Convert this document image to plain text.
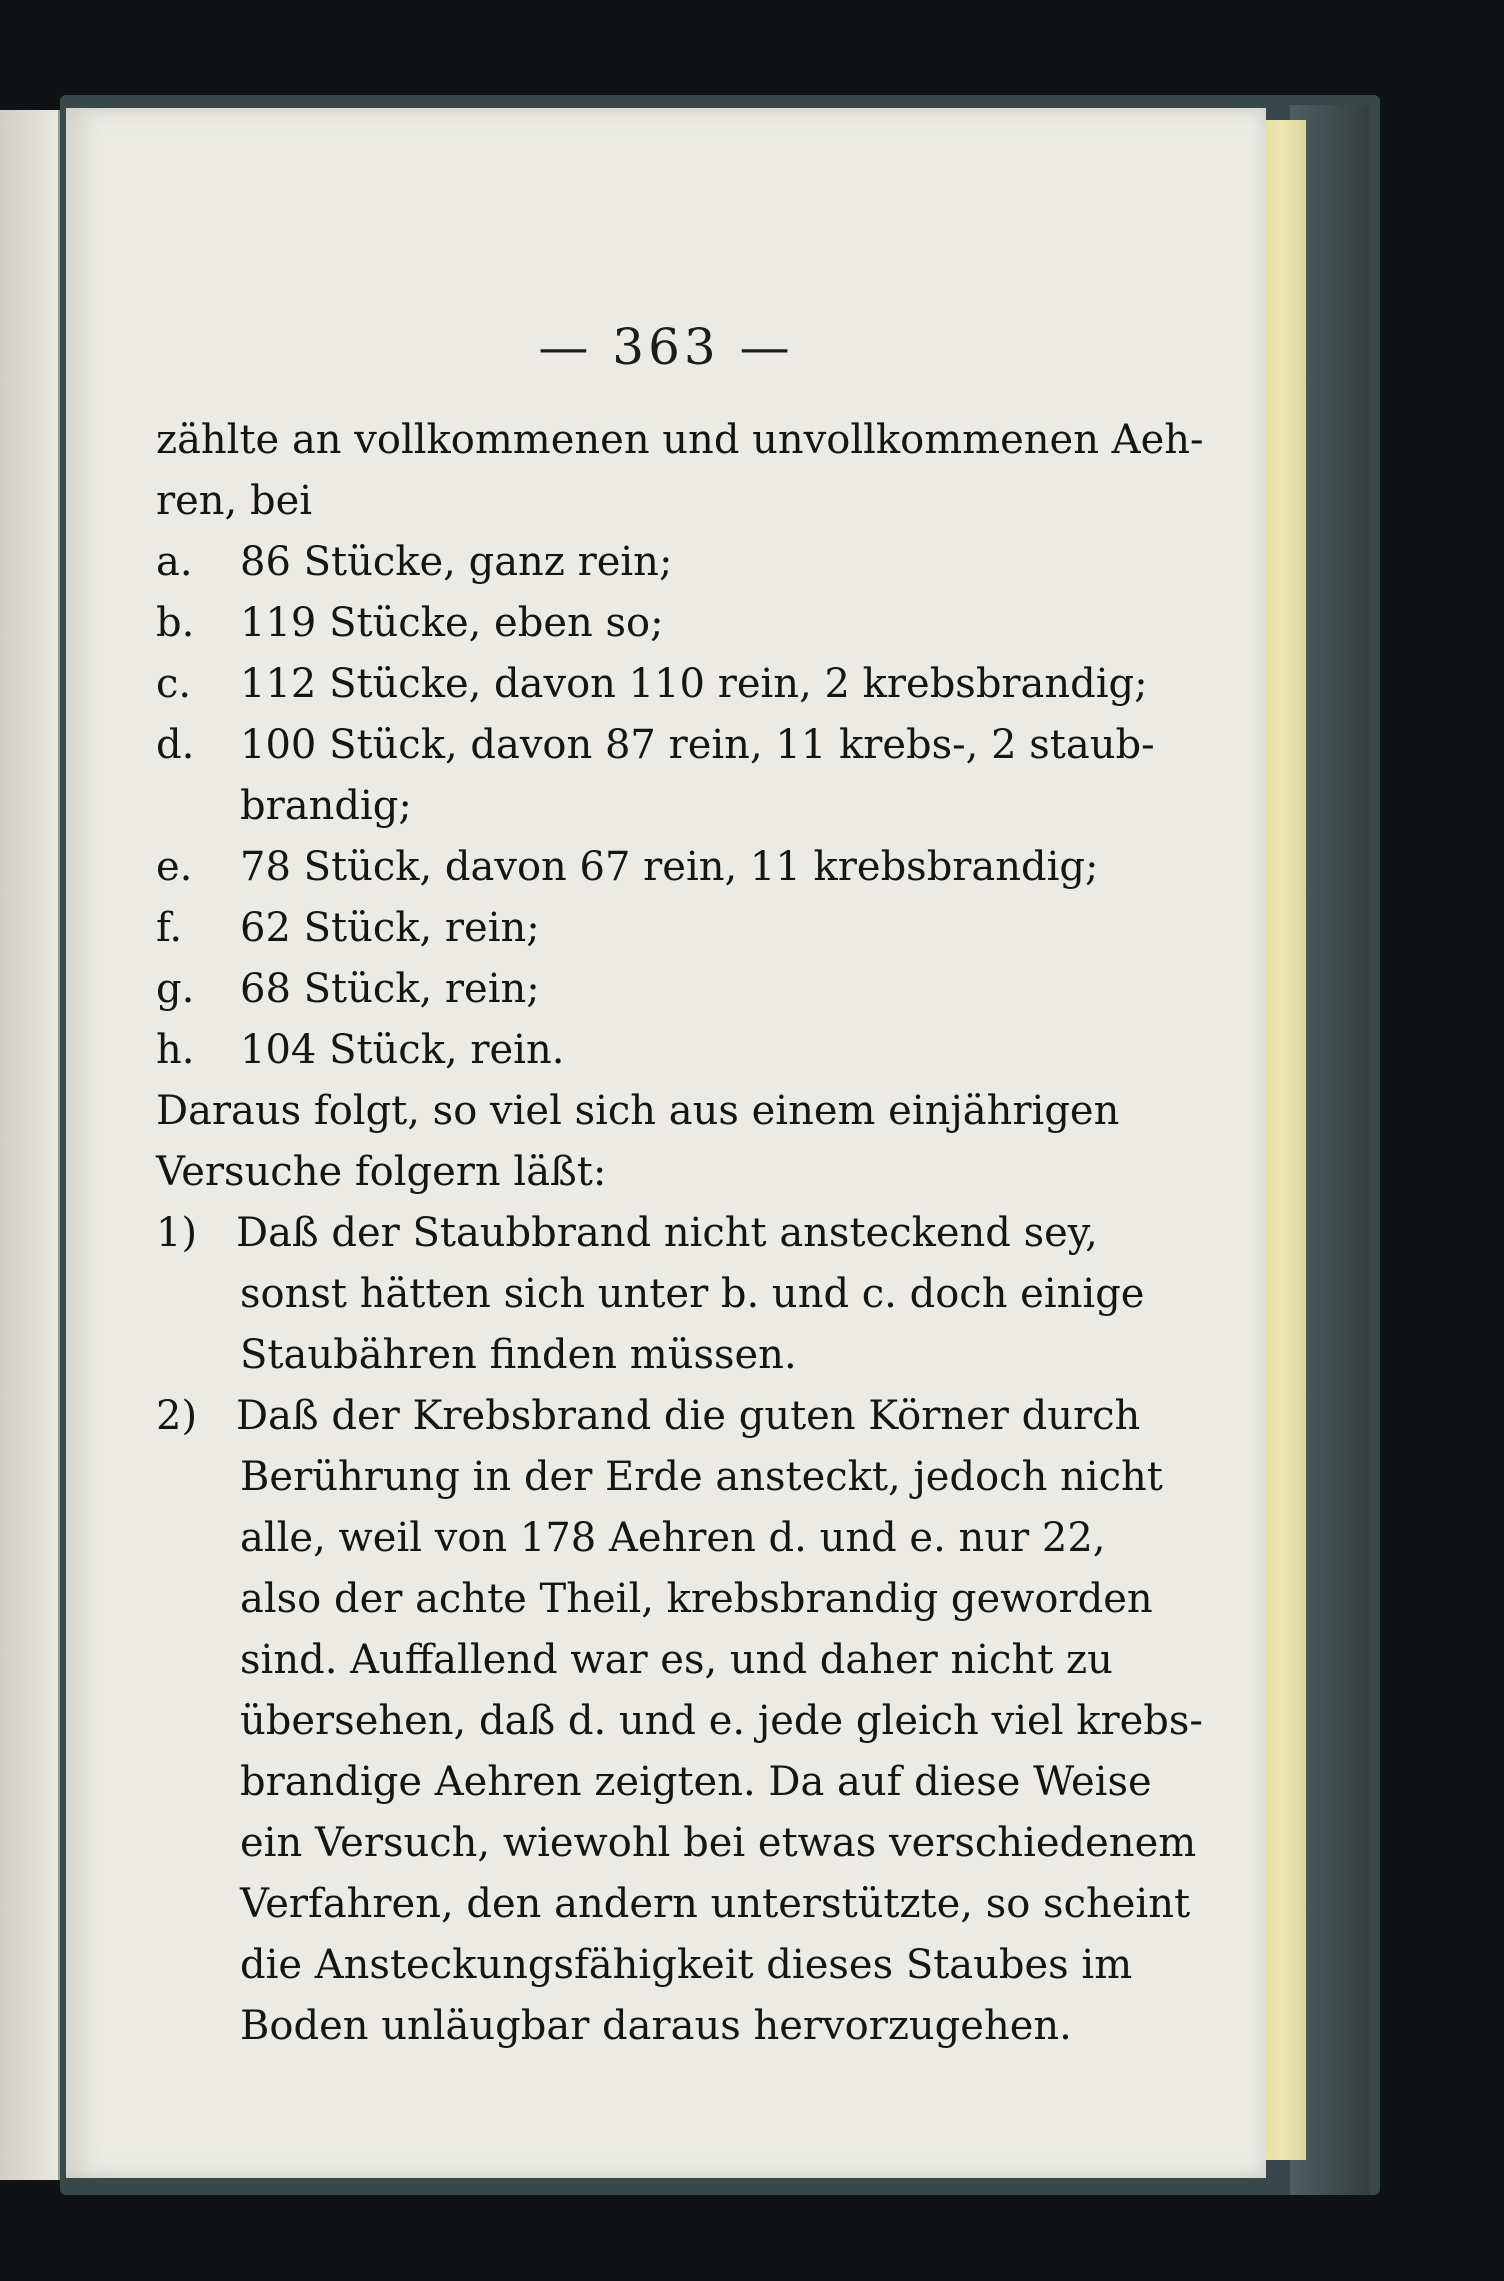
— 363 —
zählte an vollkommenen und unvollkommenen Aeh-
ren, bei
a. 86 Stücke, ganz rein;
b. 119 Stücke, eben so;
c. 112 Stücke, davon 110 rein, 2 krebsbrandig;
d. 100 Stück, davon 87 rein, 11 krebs-, 2 staub-
brandig;
e. 78 Stück, davon 67 rein, 11 krebsbrandig;
f. 62 Stück, rein;
g. 68 Stück, rein;
h. 104 Stück, rein.
Daraus folgt, so viel sich aus einem einjährigen
Versuche folgern läßt:
1) Daß der Staubbrand nicht ansteckend sey,
sonst hätten sich unter b. und c. doch einige
Staubähren finden müssen.
2) Daß der Krebsbrand die guten Körner durch
Berührung in der Erde ansteckt, jedoch nicht
alle, weil von 178 Aehren d. und e. nur 22,
also der achte Theil, krebsbrandig geworden
sind. Auffallend war es, und daher nicht zu
übersehen, daß d. und e. jede gleich viel krebs-
brandige Aehren zeigten. Da auf diese Weise
ein Versuch, wiewohl bei etwas verschiedenem
Verfahren, den andern unterstützte, so scheint
die Ansteckungsfähigkeit dieses Staubes im
Boden unläugbar daraus hervorzugehen.
